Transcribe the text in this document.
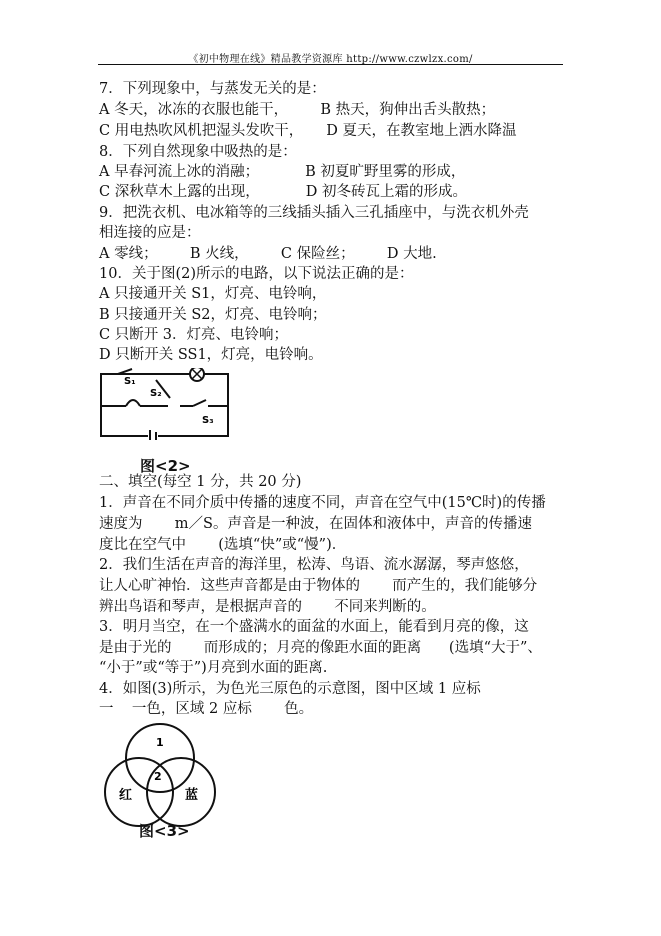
《初中物理在线》精品教学资源库 http://www.czwlzx.com/
7．下列现象中，与蒸发无关的是：
A 冬天，冰冻的衣服也能干，       B 热天，狗伸出舌头散热；
C 用电热吹风机把湿头发吹干，     D 夏天，在教室地上洒水降温
8．下列自然现象中吸热的是：
A 早春河流上冰的消融；          B 初夏旷野里雾的形成，
C 深秋草木上露的出现，          D 初冬砖瓦上霜的形成。
9．把洗衣机、电冰箱等的三线插头插入三孔插座中，与洗衣机外壳
相连接的应是：
A 零线；       B 火线，       C 保险丝；       D 大地.
10．关于图(2)所示的电路，以下说法正确的是：
A 只接通开关 S1，灯亮、电铃响，
B 只接通开关 S2，灯亮、电铃响；
C 只断开 3．灯亮、电铃响；
D 只断开关 SS1，灯亮，电铃响。
S₁
S₂
S₃
图<2>
二、填空(每空 1 分，共 20 分)
1．声音在不同介质中传播的速度不同，声音在空气中(15℃时)的传播
速度为       m／S。声音是一种波，在固体和液体中，声音的传播速
度比在空气中       (选填“快”或“慢”)．
2．我们生活在声音的海洋里，松涛、鸟语、流水潺潺，琴声悠悠，
让人心旷神怡．这些声音都是由于物体的       而产生的，我们能够分
辨出鸟语和琴声，是根据声音的       不同来判断的。
3．明月当空，在一个盛满水的面盆的水面上，能看到月亮的像，这
是由于光的       而形成的；月亮的像距水面的距离      (选填“大于”、
“小于”或“等于”)月亮到水面的距离.
4．如图(3)所示，为色光三原色的示意图，图中区域 1 应标
一    一色，区域 2 应标       色。
1
2
红	蓝
图<3>
